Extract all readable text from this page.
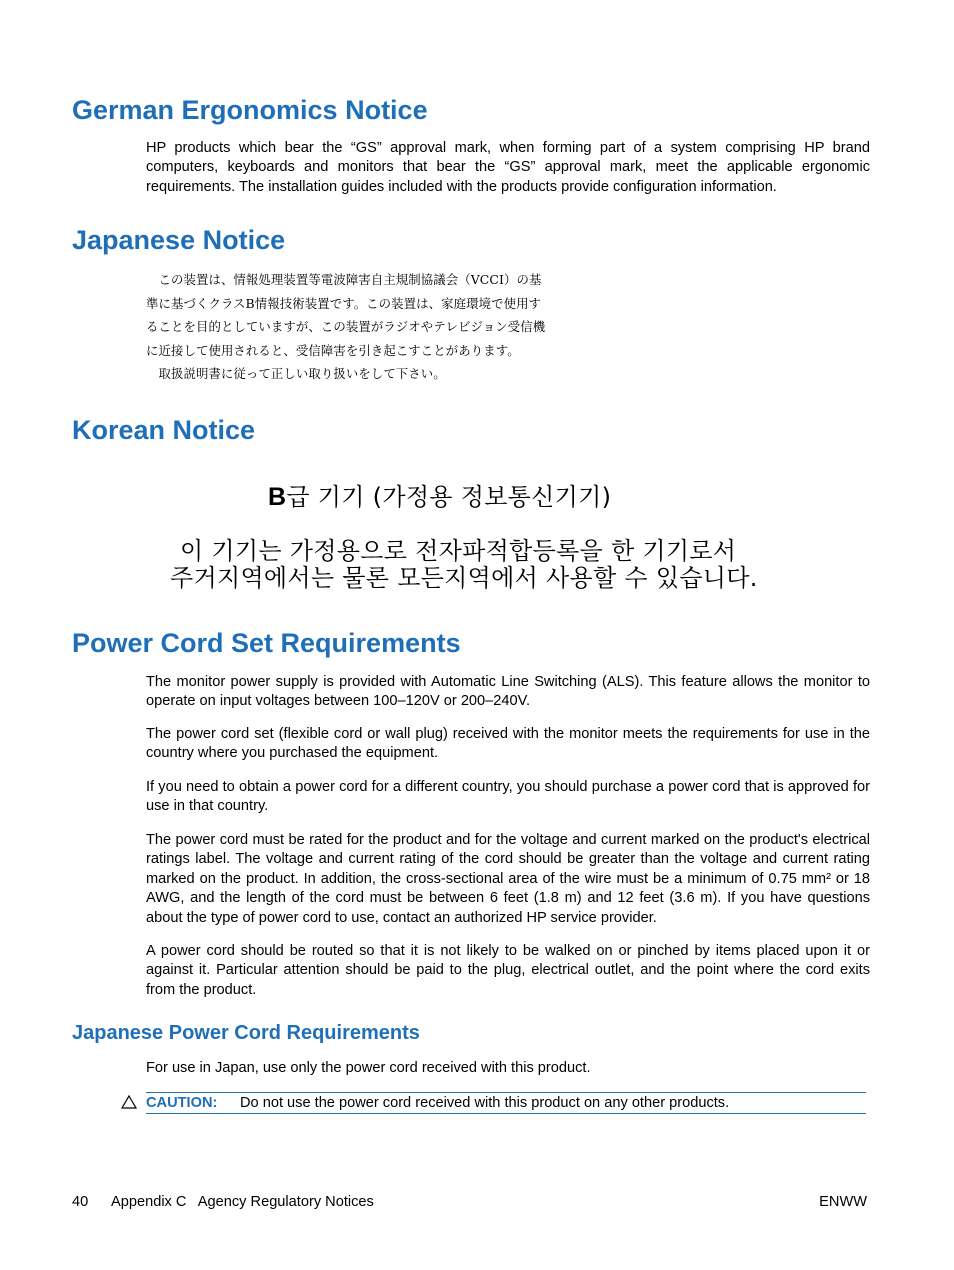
German Ergonomics Notice

HP products which bear the “GS” approval mark, when forming part of a system comprising HP brand computers, keyboards and monitors that bear the “GS” approval mark, meet the applicable ergonomic requirements. The installation guides included with the products provide configuration information.

Japanese Notice

　この装置は、情報処理装置等電波障害自主規制協議会（VCCI）の基

準に基づくクラスB情報技術装置です。この装置は、家庭環境で使用す

ることを目的としていますが、この装置がラジオやテレビジョン受信機

に近接して使用されると、受信障害を引き起こすことがあります。

　取扱説明書に従って正しい取り扱いをして下さい。

Korean Notice

B급 기기 (가정용 정보통신기기)

이 기기는 가정용으로 전자파적합등록을 한 기기로서

주거지역에서는 물론 모든지역에서 사용할 수 있습니다.

Power Cord Set Requirements

The monitor power supply is provided with Automatic Line Switching (ALS). This feature allows the monitor to operate on input voltages between 100–120V or 200–240V.

The power cord set (flexible cord or wall plug) received with the monitor meets the requirements for use in the country where you purchased the equipment.

If you need to obtain a power cord for a different country, you should purchase a power cord that is approved for use in that country.

The power cord must be rated for the product and for the voltage and current marked on the product's electrical ratings label. The voltage and current rating of the cord should be greater than the voltage and current rating marked on the product. In addition, the cross-sectional area of the wire must be a minimum of 0.75 mm² or 18 AWG, and the length of the cord must be between 6 feet (1.8 m) and 12 feet (3.6 m). If you have questions about the type of power cord to use, contact an authorized HP service provider.

A power cord should be routed so that it is not likely to be walked on or pinched by items placed upon it or against it. Particular attention should be paid to the plug, electrical outlet, and the point where the cord exits from the product.

Japanese Power Cord Requirements

For use in Japan, use only the power cord received with this product.

CAUTION: Do not use the power cord received with this product on any other products.

40 Appendix C   Agency Regulatory Notices	ENWW
